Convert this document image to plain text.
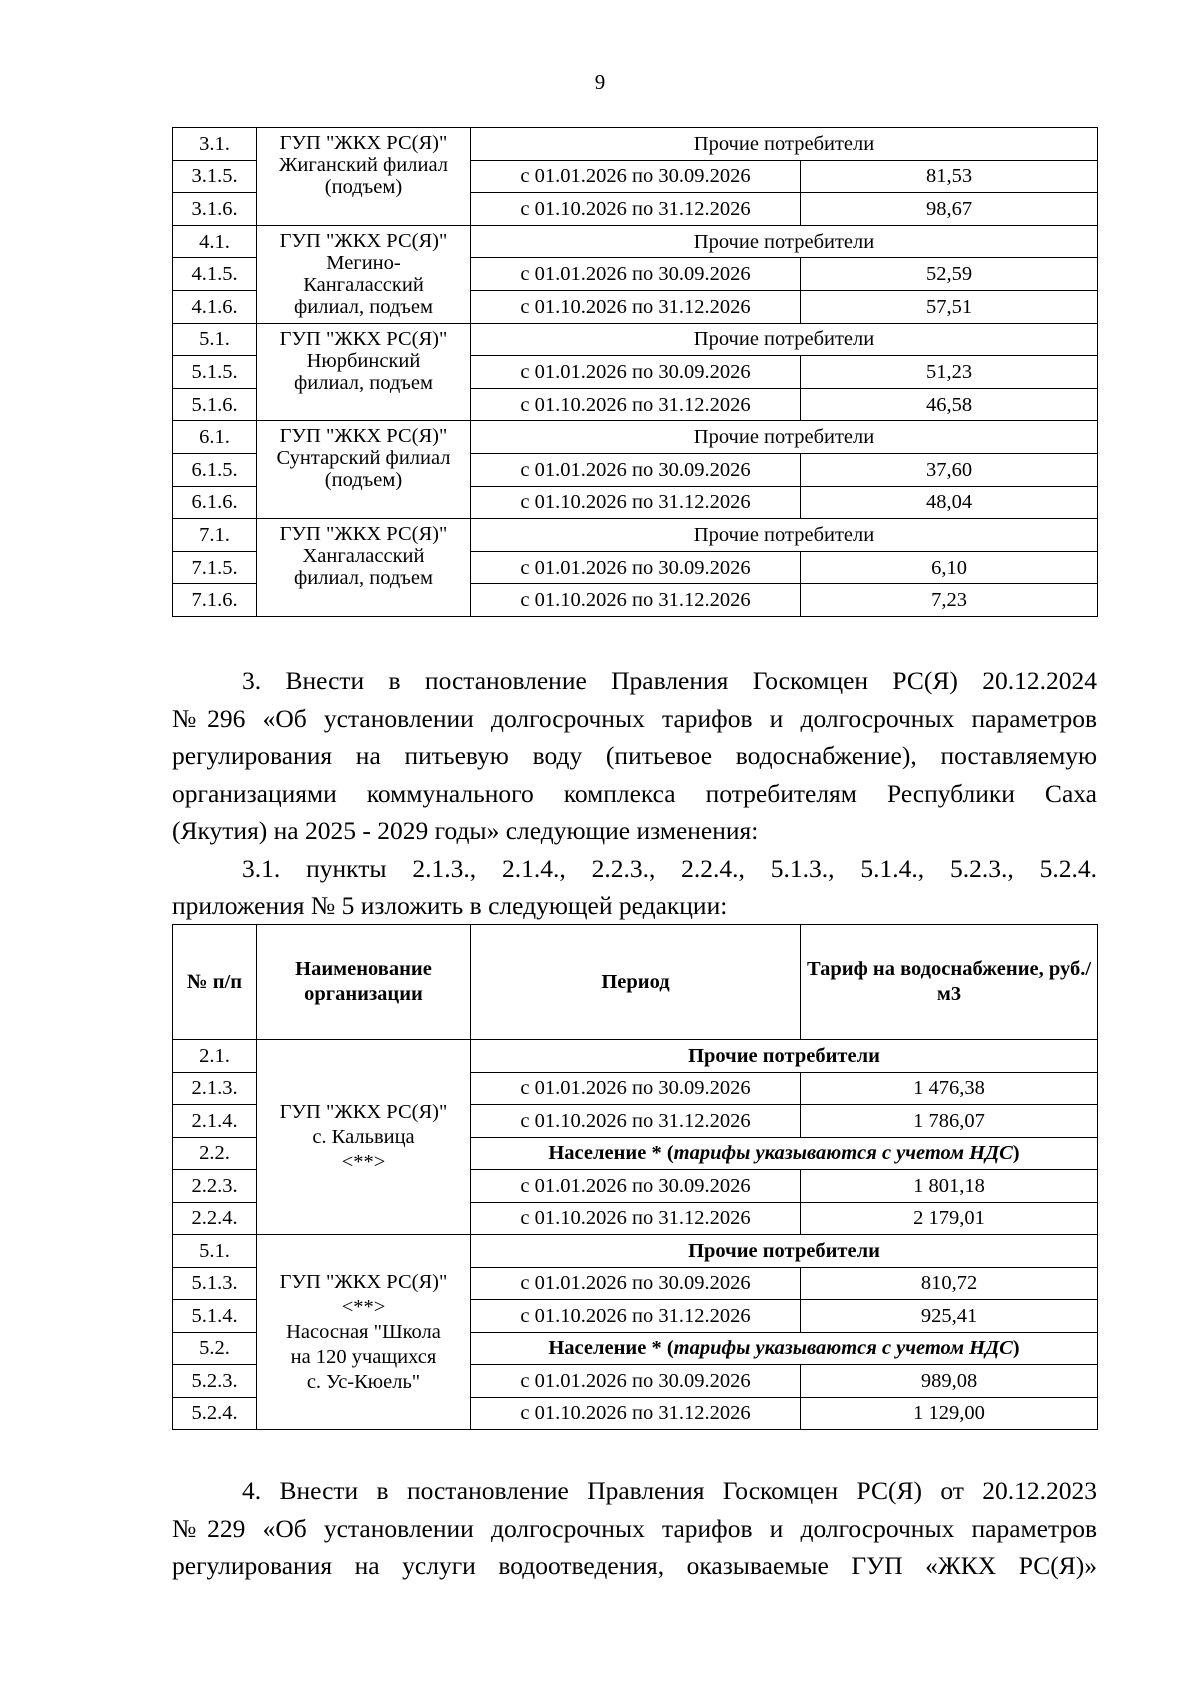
9
3.1.	ГУП "ЖКХ РС(Я)"
Жиганский филиал
(подъем)	Прочие потребители	
3.1.5.		с 01.01.2026 по 30.09.2026	81,53
3.1.6.		с 01.10.2026 по 31.12.2026	98,67
4.1.	ГУП "ЖКХ РС(Я)"
Мегино-
Кангаласский
филиал, подъем	Прочие потребители	
4.1.5.		с 01.01.2026 по 30.09.2026	52,59
4.1.6.		с 01.10.2026 по 31.12.2026	57,51
5.1.	ГУП "ЖКХ РС(Я)"
Нюрбинский
филиал, подъем	Прочие потребители	
5.1.5.		с 01.01.2026 по 30.09.2026	51,23
5.1.6.		с 01.10.2026 по 31.12.2026	46,58
6.1.	ГУП "ЖКХ РС(Я)"
Сунтарский филиал
(подъем)	Прочие потребители	
6.1.5.		с 01.01.2026 по 30.09.2026	37,60
6.1.6.		с 01.10.2026 по 31.12.2026	48,04
7.1.	ГУП "ЖКХ РС(Я)"
Хангаласский
филиал, подъем	Прочие потребители	
7.1.5.		с 01.01.2026 по 30.09.2026	6,10
7.1.6.		с 01.10.2026 по 31.12.2026	7,23
3. Внести в постановление Правления Госкомцен РС(Я) 20.12.2024
№296 «Об установлении долгосрочных тарифов и долгосрочных параметров
регулирования на питьевую воду (питьевое водоснабжение), поставляемую
организациями коммунального комплекса потребителям Республики Саха
(Якутия) на 2025 - 2029 годы» следующие изменения:
3.1. пункты 2.1.3., 2.1.4., 2.2.3., 2.2.4., 5.1.3., 5.1.4., 5.2.3., 5.2.4.
приложения № 5 изложить в следующей редакции:
№ п/п	Наименование организации	Период	Тариф на водоснабжение, руб./м3
2.1.	ГУП "ЖКХ РС(Я)"
с. Кальвица
<**>	Прочие потребители	
2.1.3.		с 01.01.2026 по 30.09.2026	1 476,38
2.1.4.		с 01.10.2026 по 31.12.2026	1 786,07
2.2.		Население * (тарифы указываются с учетом НДС)	
2.2.3.		с 01.01.2026 по 30.09.2026	1 801,18
2.2.4.		с 01.10.2026 по 31.12.2026	2 179,01
5.1.	ГУП "ЖКХ РС(Я)"
<**>
Насосная "Школа
на 120 учащихся
с. Ус-Кюель"	Прочие потребители	
5.1.3.		с 01.01.2026 по 30.09.2026	810,72
5.1.4.		с 01.10.2026 по 31.12.2026	925,41
5.2.		Население * (тарифы указываются с учетом НДС)	
5.2.3.		с 01.01.2026 по 30.09.2026	989,08
5.2.4.		с 01.10.2026 по 31.12.2026	1 129,00
4. Внести в постановление Правления Госкомцен РС(Я) от 20.12.2023
№229 «Об установлении долгосрочных тарифов и долгосрочных параметров
регулирования на услуги водоотведения, оказываемые ГУП «ЖКХ РС(Я)»
